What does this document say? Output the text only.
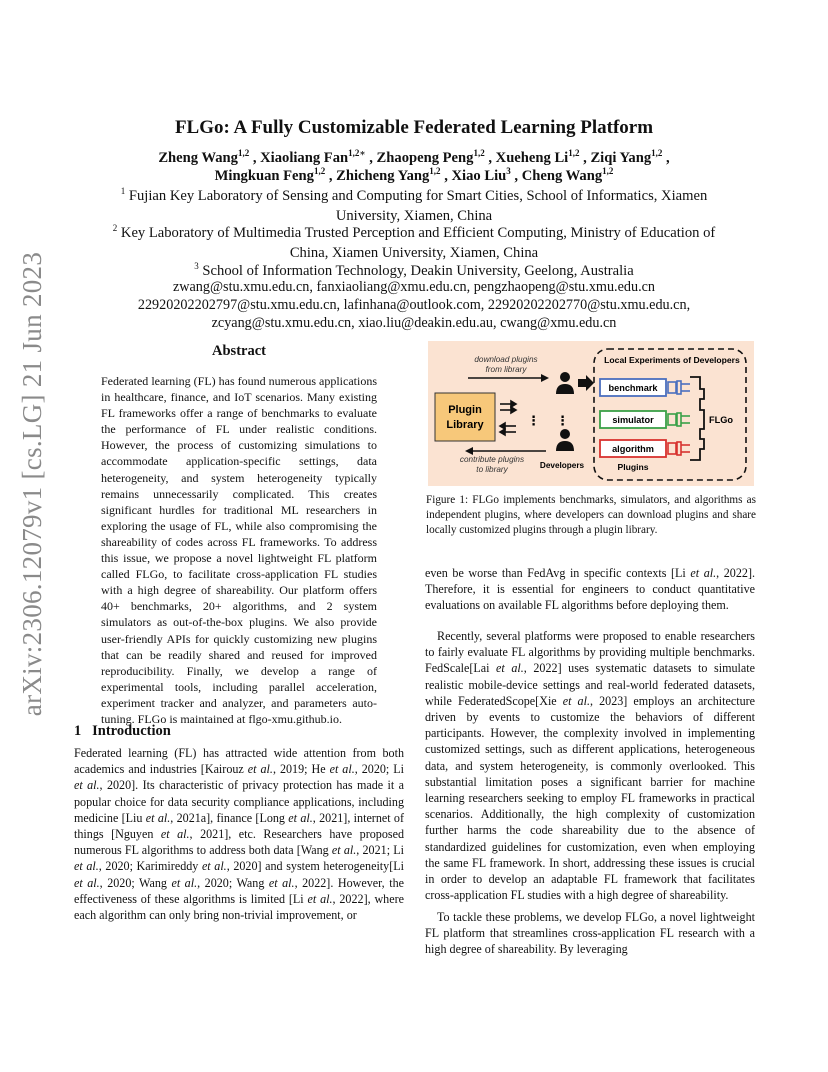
arXiv:2306.12079v1 [cs.LG] 21 Jun 2023
FLGo: A Fully Customizable Federated Learning Platform
Zheng Wang$^{1,2}$ , Xiaoliang Fan$^{1,2∗}$ , Zhaopeng Peng$^{1,2}$ , Xueheng Li$^{1,2}$ , Ziqi Yang$^{1,2}$ ,
Mingkuan Feng$^{1,2}$ , Zhicheng Yang$^{1,2}$ , Xiao Liu$^3$ , Cheng Wang$^{1,2}$
$^1$ Fujian Key Laboratory of Sensing and Computing for Smart Cities, School of Informatics, Xiamen
University, Xiamen, China
$^2$ Key Laboratory of Multimedia Trusted Perception and Efficient Computing, Ministry of Education of
China, Xiamen University, Xiamen, China
$^3$ School of Information Technology, Deakin University, Geelong, Australia
zwang@stu.xmu.edu.cn, fanxiaoliang@xmu.edu.cn, pengzhaopeng@stu.xmu.edu.cn
22920202202797@stu.xmu.edu.cn, lafinhana@outlook.com, 22920202202770@stu.xmu.edu.cn,
zcyang@stu.xmu.edu.cn, xiao.liu@deakin.edu.au, cwang@xmu.edu.cn
Abstract
Federated learning (FL) has found numerous applications in healthcare, finance, and IoT scenarios. Many existing FL frameworks offer a range of benchmarks to evaluate the performance of FL under realistic conditions. However, the process of customizing simulations to accommodate application-specific settings, data heterogeneity, and system heterogeneity typically remains unnecessarily complicated. This creates significant hurdles for traditional ML researchers in exploring the usage of FL, while also compromising the shareability of codes across FL frameworks. To address this issue, we propose a novel lightweight FL platform called FLGo, to facilitate cross-application FL studies with a high degree of shareability. Our platform offers 40+ benchmarks, 20+ algorithms, and 2 system simulators as out-of-the-box plugins. We also provide user-friendly APIs for quickly customizing new plugins that can be readily shared and reused for improved reproducibility. Finally, we develop a range of experimental tools, including parallel acceleration, experiment tracker and analyzer, and parameters auto-tuning. FLGo is maintained at flgo-xmu.github.io.
1 Introduction
Federated learning (FL) has attracted wide attention from both academics and industries [Kairouz et al., 2019; He et al., 2020; Li et al., 2020]. Its characteristic of privacy protection has made it a popular choice for data security compliance applications, including medicine [Liu et al., 2021a], finance [Long et al., 2021], internet of things [Nguyen et al., 2021], etc. Researchers have proposed numerous FL algorithms to address both data [Wang et al., 2021; Li et al., 2020; Karimireddy et al., 2020] and system heterogeneity[Li et al., 2020; Wang et al., 2020; Wang et al., 2022]. However, the effectiveness of these algorithms is limited [Li et al., 2022], where each algorithm can only bring non-trivial improvement, or
download plugins
from library
Plugin
Library	⋮ ⋮
Developers
contribute plugins
to library
Local Experiments of Developers
benchmark
simulator
algorithm
FLGo
Plugins
Figure 1: FLGo implements benchmarks, simulators, and algorithms as independent plugins, where developers can download plugins and share locally customized plugins through a plugin library.
even be worse than FedAvg in specific contexts [Li et al., 2022]. Therefore, it is essential for engineers to conduct quantitative evaluations on available FL algorithms before deploying them.
Recently, several platforms were proposed to enable researchers to fairly evaluate FL algorithms by providing multiple benchmarks. FedScale[Lai et al., 2022] uses systematic datasets to simulate realistic mobile-device settings and real-world federated datasets, while FederatedScope[Xie et al., 2023] employs an architecture driven by events to customize the behaviors of different participants. However, the complexity involved in implementing customized settings, such as different applications, heterogeneous data, and system heterogeneity, is commonly overlooked. This substantial limitation poses a significant barrier for machine learning researchers seeking to employ FL frameworks in practical scenarios. Additionally, the high complexity of customization further harms the code shareability due to the absence of standardized guidelines for customization, even when employing the same FL framework. In short, addressing these issues is crucial in order to develop an adaptable FL framework that facilitates cross-application FL studies with a high degree of shareability.
To tackle these problems, we develop FLGo, a novel lightweight FL platform that streamlines cross-application FL research with a high degree of shareability. By leveraging
